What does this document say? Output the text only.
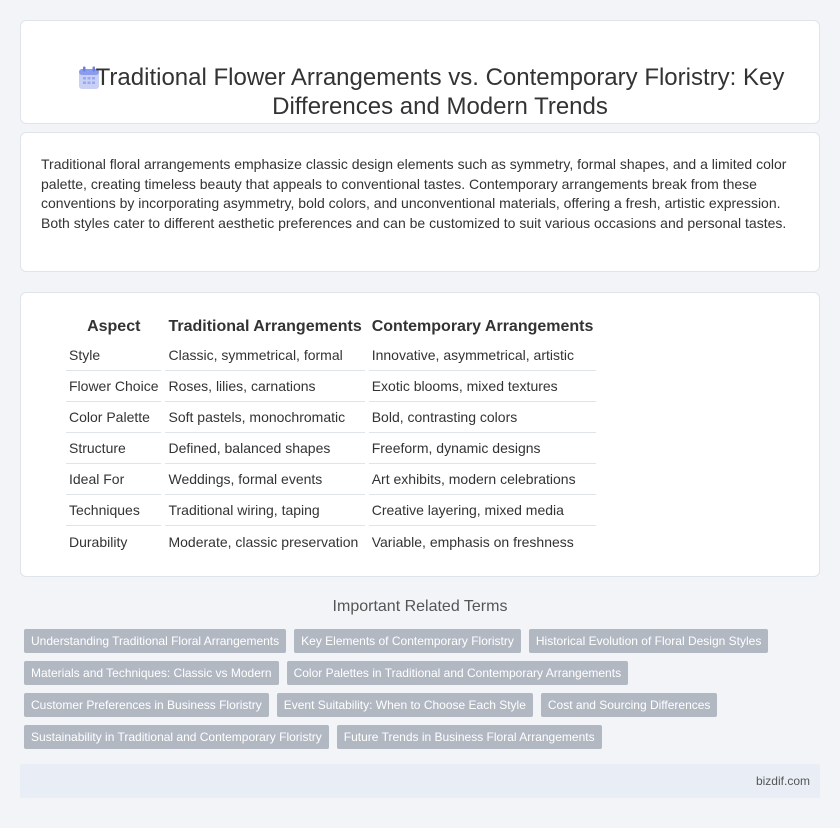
Traditional Flower Arrangements vs. Contemporary Floristry: Key Differences and Modern Trends

Traditional floral arrangements emphasize classic design elements such as symmetry, formal shapes, and a limited color palette, creating timeless beauty that appeals to conventional tastes. Contemporary arrangements break from these conventions by incorporating asymmetry, bold colors, and unconventional materials, offering a fresh, artistic expression. Both styles cater to different aesthetic preferences and can be customized to suit various occasions and personal tastes.

Aspect	Traditional Arrangements	Contemporary Arrangements
Style	Classic, symmetrical, formal	Innovative, asymmetrical, artistic
Flower Choice	Roses, lilies, carnations	Exotic blooms, mixed textures
Color Palette	Soft pastels, monochromatic	Bold, contrasting colors
Structure	Defined, balanced shapes	Freeform, dynamic designs
Ideal For	Weddings, formal events	Art exhibits, modern celebrations
Techniques	Traditional wiring, taping	Creative layering, mixed media
Durability	Moderate, classic preservation	Variable, emphasis on freshness
Important Related Terms
Understanding Traditional Floral Arrangements	Key Elements of Contemporary Floristry	Historical Evolution of Floral Design Styles
Materials and Techniques: Classic vs Modern	Color Palettes in Traditional and Contemporary Arrangements
Customer Preferences in Business Floristry	Event Suitability: When to Choose Each Style	Cost and Sourcing Differences
Sustainability in Traditional and Contemporary Floristry	Future Trends in Business Floral Arrangements
bizdif.com
